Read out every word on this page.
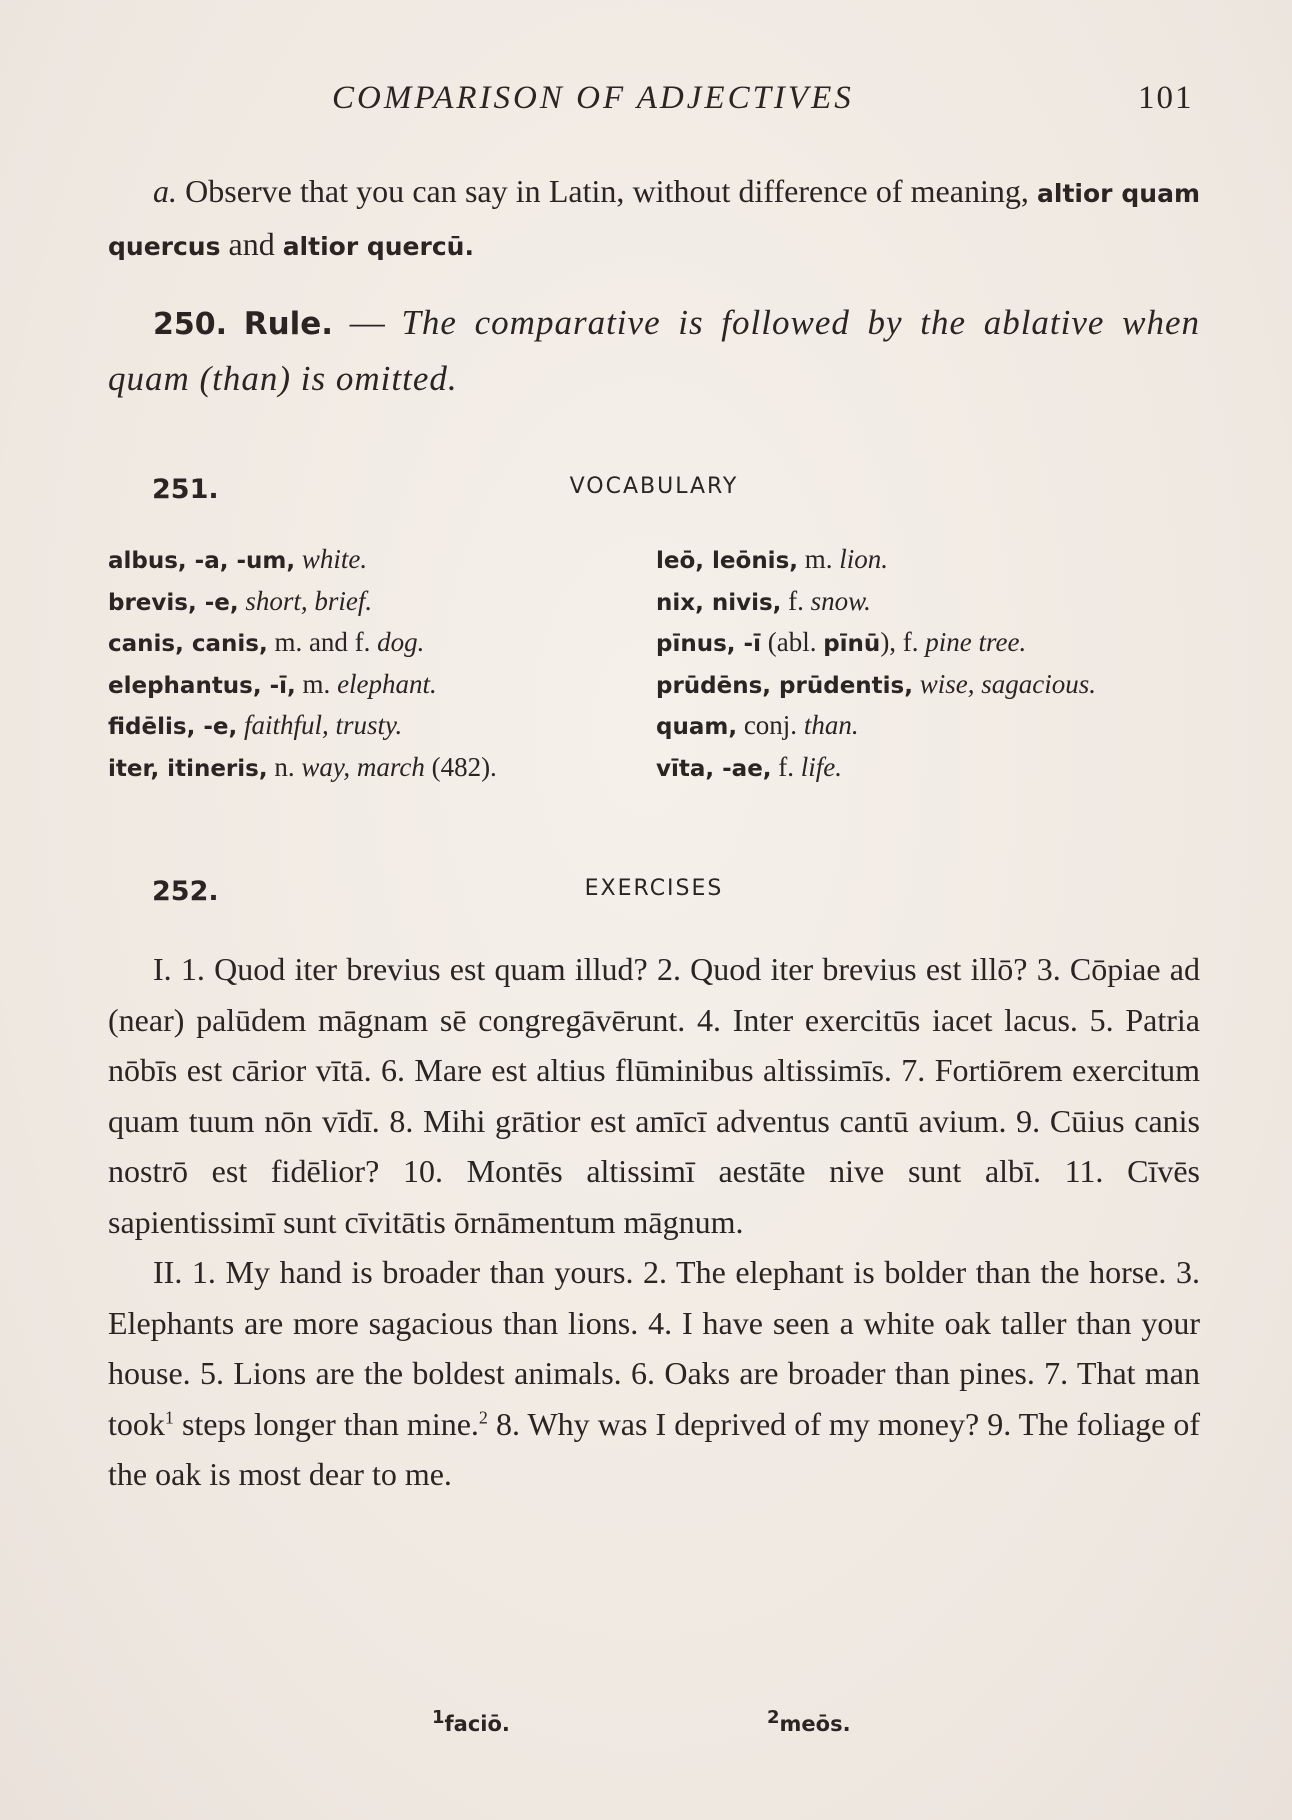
COMPARISON OF ADJECTIVES	101

a. Observe that you can say in Latin, without difference of meaning, altior quam quercus and altior quercū.

250. Rule. — The comparative is followed by the ablative when quam (than) is omitted.
251.	VOCABULARY
albus, -a, -um, white.
brevis, -e, short, brief.
canis, canis, m. and f. dog.
elephantus, -ī, m. elephant.
fidēlis, -e, faithful, trusty.
iter, itineris, n. way, march (482).
leō, leōnis, m. lion.
nix, nivis, f. snow.
pīnus, -ī (abl. pīnū), f. pine tree.
prūdēns, prūdentis, wise, sagacious.
quam, conj. than.
vīta, -ae, f. life.
252.	EXERCISES

I. 1. Quod iter brevius est quam illud? 2. Quod iter brevius est illō? 3. Cōpiae ad (near) palūdem māgnam sē congregāvērunt. 4. Inter exercitūs iacet lacus. 5. Patria nōbīs est cārior vītā. 6. Mare est altius flūminibus altissimīs. 7. Fortiōrem exercitum quam tuum nōn vīdī. 8. Mihi grātior est amīcī adventus cantū avium. 9. Cūius canis nostrō est fidēlior? 10. Montēs altissimī aestāte nive sunt albī. 11. Cīvēs sapientissimī sunt cīvitātis ōrnāmentum māgnum.

II. 1. My hand is broader than yours. 2. The elephant is bolder than the horse. 3. Elephants are more sagacious than lions. 4. I have seen a white oak taller than your house. 5. Lions are the boldest animals. 6. Oaks are broader than pines. 7. That man took$^1$ steps longer than mine.$^2$ 8. Why was I deprived of my money? 9. The foliage of the oak is most dear to me.

$^1$ faciō.	$^2$ meōs.
